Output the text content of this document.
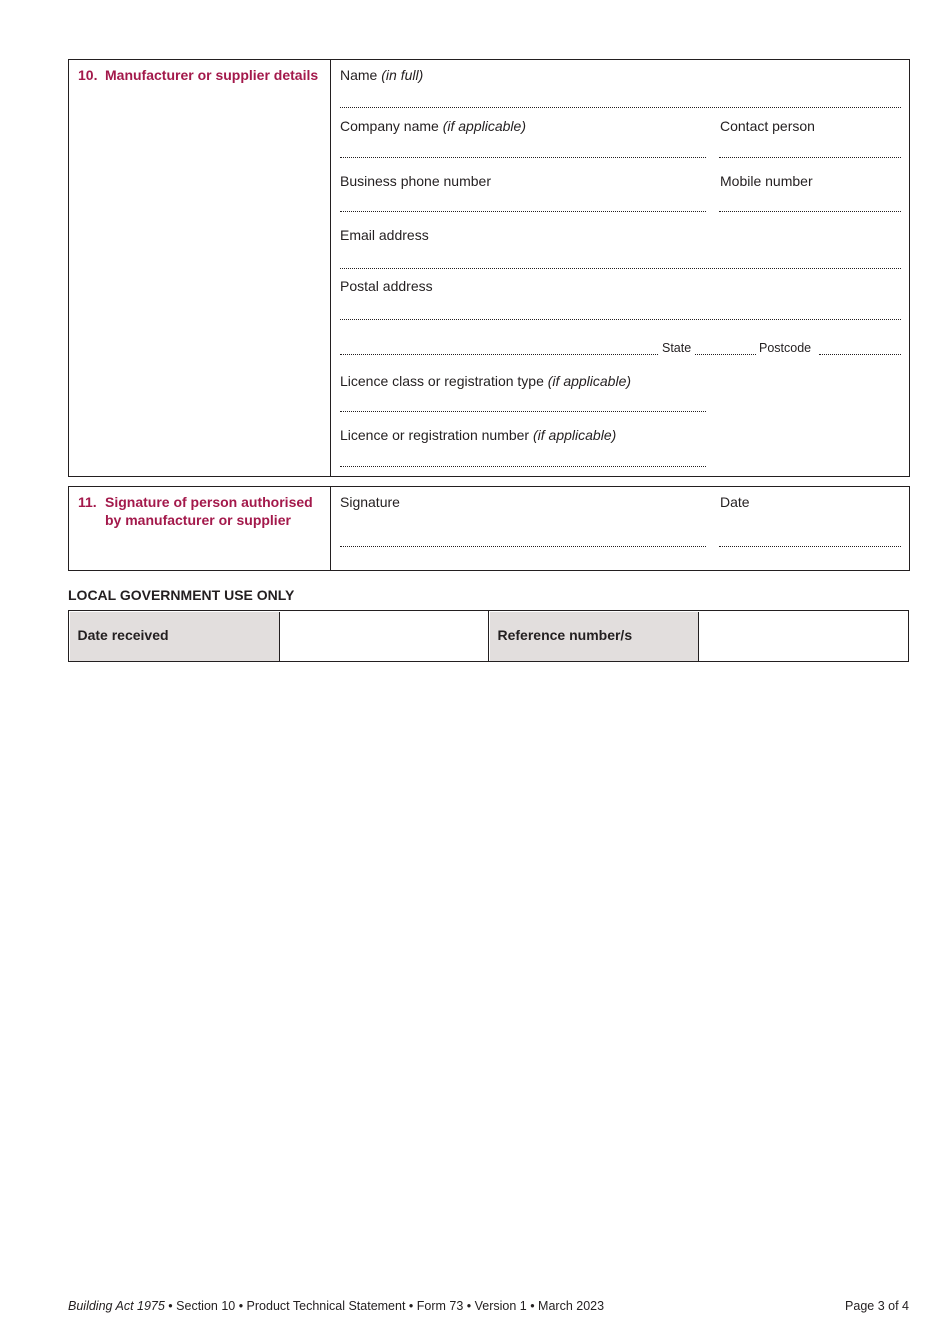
10. Manufacturer or supplier details	Name (in full)
Company name (if applicable)	Contact person
Business phone number	Mobile number
Email address
Postal address
State	Postcode
Licence class or registration type (if applicable)
Licence or registration number (if applicable)
11. Signature of person authorised by manufacturer or supplier
Signature	Date
LOCAL GOVERNMENT USE ONLY
Date received	Reference number/s
Building Act 1975 • Section 10 • Product Technical Statement • Form 73 • Version 1 • March 2023	Page 3 of 4
